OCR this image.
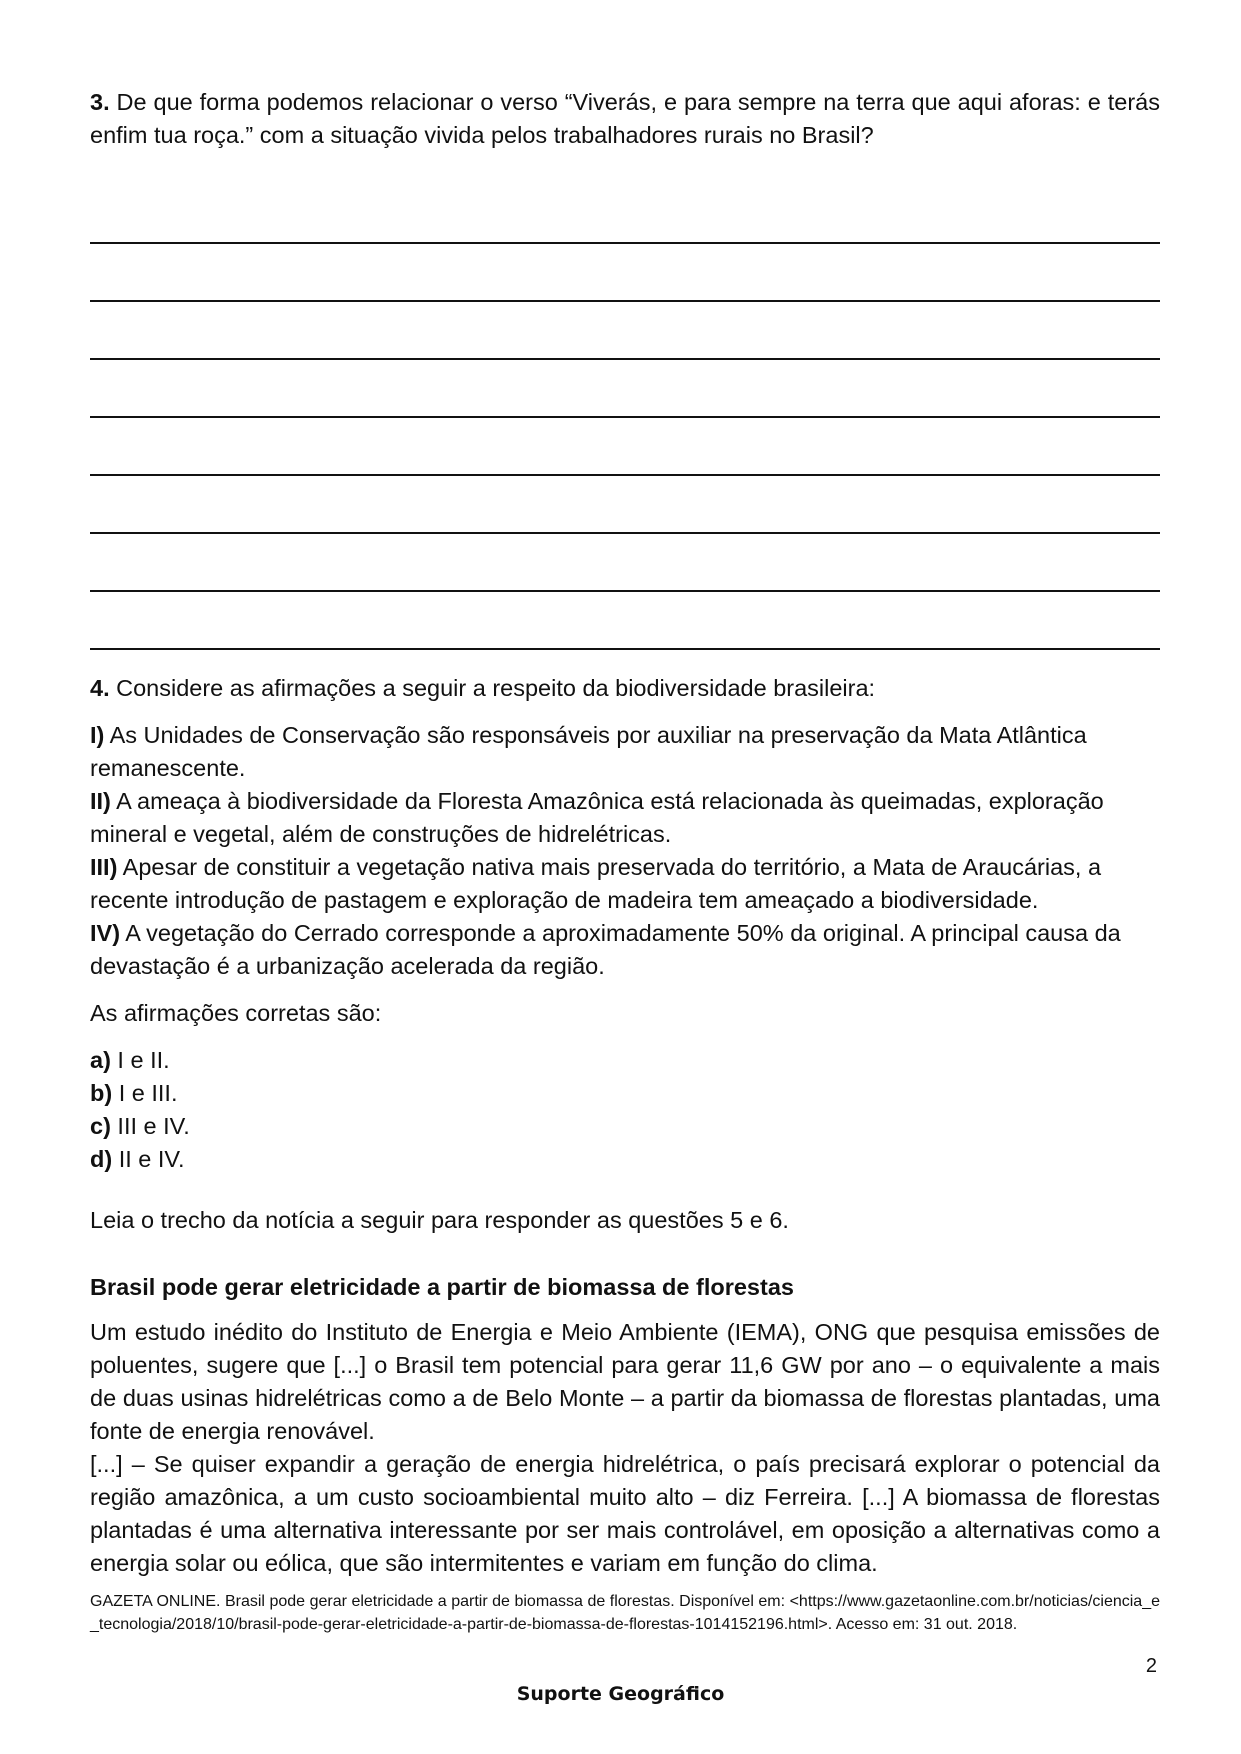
3. De que forma podemos relacionar o verso “Viverás, e para sempre na terra que aqui aforas: e terás enfim tua roça.” com a situação vivida pelos trabalhadores rurais no Brasil?

4. Considere as afirmações a seguir a respeito da biodiversidade brasileira:

I) As Unidades de Conservação são responsáveis por auxiliar na preservação da Mata Atlântica remanescente.

II) A ameaça à biodiversidade da Floresta Amazônica está relacionada às queimadas, exploração mineral e vegetal, além de construções de hidrelétricas.

III) Apesar de constituir a vegetação nativa mais preservada do território, a Mata de Araucárias, a recente introdução de pastagem e exploração de madeira tem ameaçado a biodiversidade.

IV) A vegetação do Cerrado corresponde a aproximadamente 50% da original. A principal causa da devastação é a urbanização acelerada da região.

As afirmações corretas são:

a) I e II.

b) I e III.

c) III e IV.

d) II e IV.

Leia o trecho da notícia a seguir para responder as questões 5 e 6.

Brasil pode gerar eletricidade a partir de biomassa de florestas

Um estudo inédito do Instituto de Energia e Meio Ambiente (IEMA), ONG que pesquisa emissões de poluentes, sugere que [...] o Brasil tem potencial para gerar 11,6 GW por ano – o equivalente a mais de duas usinas hidrelétricas como a de Belo Monte – a partir da biomassa de florestas plantadas, uma fonte de energia renovável.

[...] – Se quiser expandir a geração de energia hidrelétrica, o país precisará explorar o potencial da região amazônica, a um custo socioambiental muito alto – diz Ferreira. [...] A biomassa de florestas plantadas é uma alternativa interessante por ser mais controlável, em oposição a alternativas como a energia solar ou eólica, que são intermitentes e variam em função do clima.

GAZETA ONLINE. Brasil pode gerar eletricidade a partir de biomassa de florestas. Disponível em: <https://www.gazetaonline.com.br/noticias/ciencia_e_tecnologia/2018/10/brasil-pode-gerar-eletricidade-a-partir-de-biomassa-de-florestas-1014152196.html>. Acesso em: 31 out. 2018.

2
Suporte Geográfico
